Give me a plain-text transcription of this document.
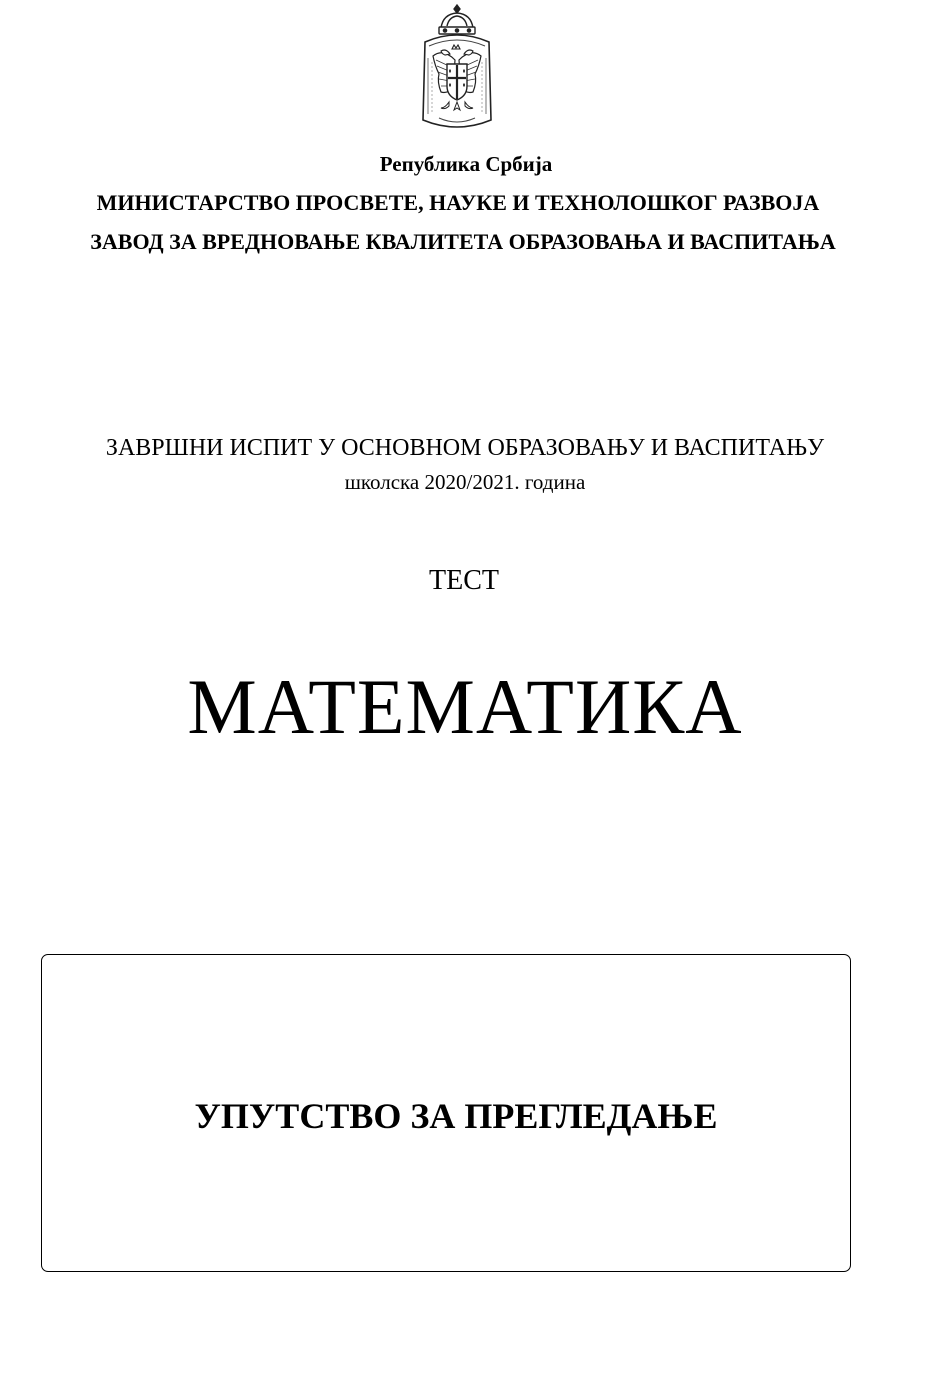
Република Србија
МИНИСТАРСТВО ПРОСВЕТЕ, НАУКЕ И ТЕХНОЛОШКОГ РАЗВОЈА
ЗАВОД ЗА ВРЕДНОВАЊЕ КВАЛИТЕТА ОБРАЗОВАЊА И ВАСПИТАЊА
ЗАВРШНИ ИСПИТ У ОСНОВНОМ ОБРАЗОВАЊУ И ВАСПИТАЊУ
школска 2020/2021. година
ТЕСТ
МАТЕМАТИКА
УПУТСТВО ЗА ПРЕГЛЕДАЊЕ
